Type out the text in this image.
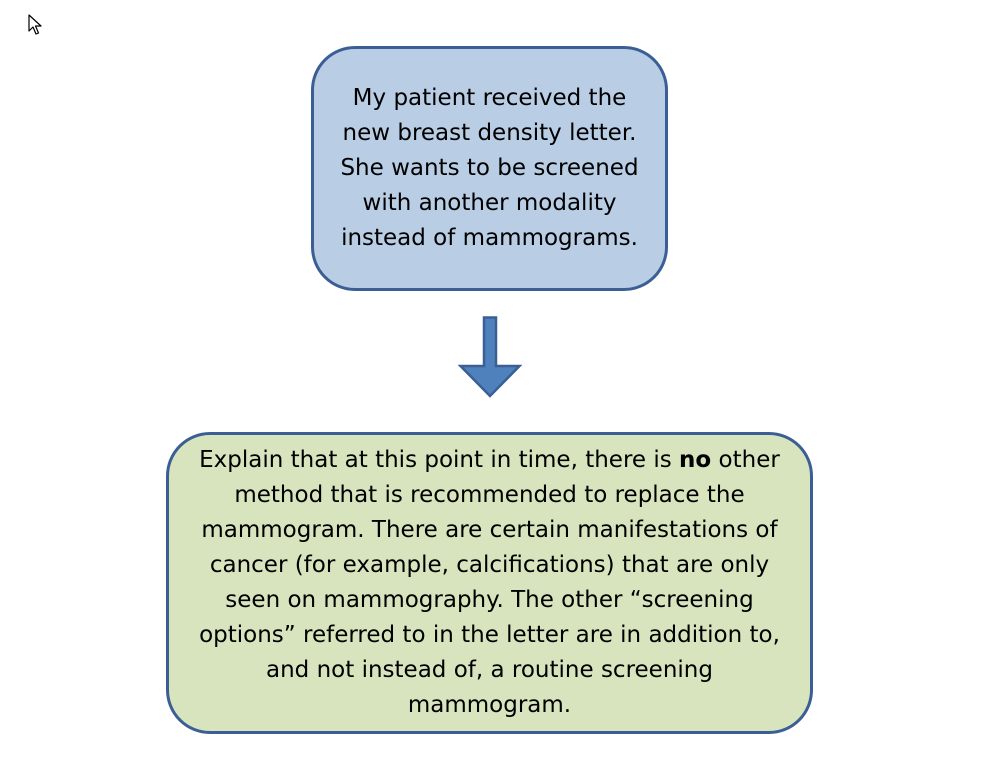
My patient received the
new breast density letter.
She wants to be screened
with another modality
instead of mammograms.
Explain that at this point in time, there is no other
method that is recommended to replace the
mammogram. There are certain manifestations of
cancer (for example, calcifications) that are only
seen on mammography. The other “screening
options” referred to in the letter are in addition to,
and not instead of, a routine screening
mammogram.
